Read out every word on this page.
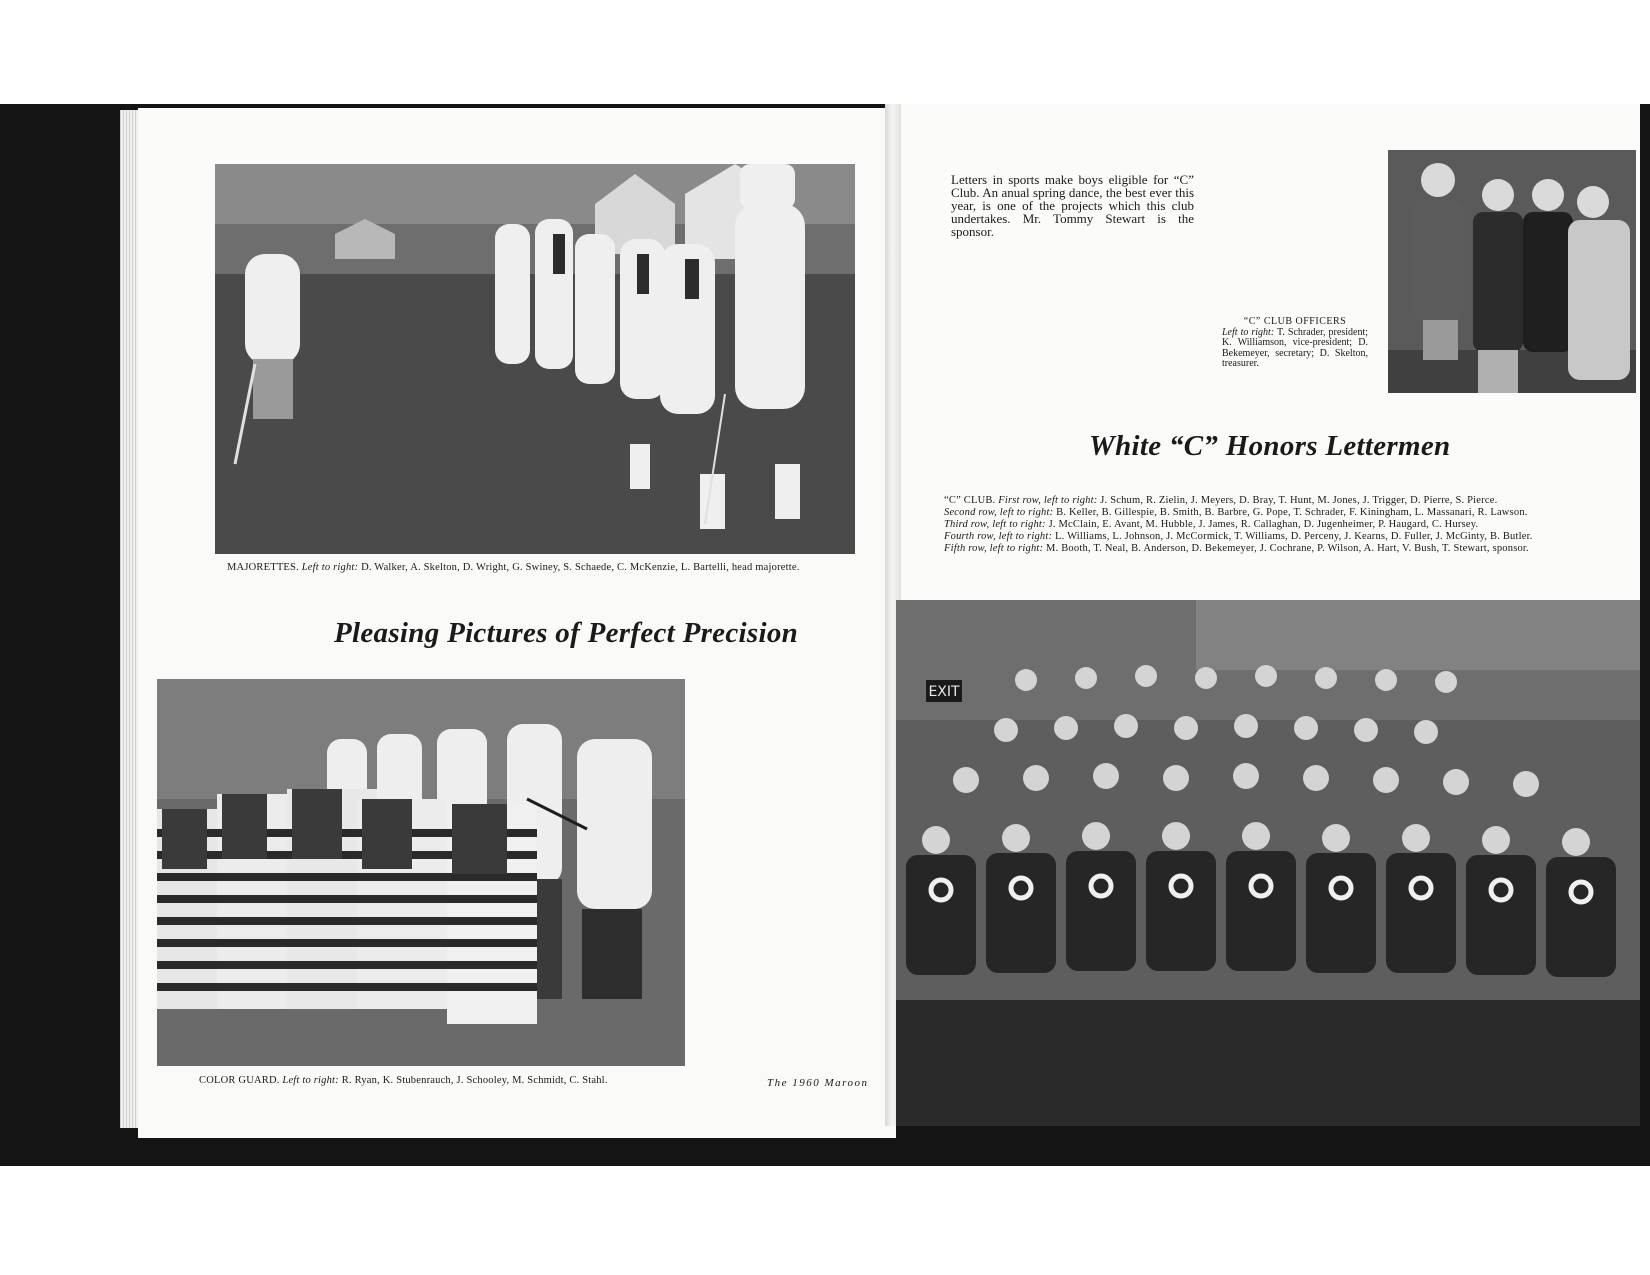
MAJORETTES. Left to right: D. Walker, A. Skelton, D. Wright, G. Swiney, S. Schaede, C. McKenzie, L. Bartelli, head majorette.
Pleasing Pictures of Perfect Precision
COLOR GUARD. Left to right: R. Ryan, K. Stubenrauch, J. Schooley, M. Schmidt, C. Stahl.	The 1960 Maroon
Letters in sports make boys eligible for “C” Club. An anual spring dance, the best ever this year, is one of the projects which this club undertakes. Mr. Tommy Stewart is the sponsor.
“C” CLUB OFFICERS
Left to right: T. Schrader, president; K. Williamson, vice-president; D. Bekemeyer, secretary; D. Skelton, treasurer.
White “C” Honors Lettermen
“C” CLUB. First row, left to right: J. Schum, R. Zielin, J. Meyers, D. Bray, T. Hunt, M. Jones, J. Trigger, D. Pierre, S. Pierce.
Second row, left to right: B. Keller, B. Gillespie, B. Smith, B. Barbre, G. Pope, T. Schrader, F. Kiningham, L. Massanari, R. Lawson.
Third row, left to right: J. McClain, E. Avant, M. Hubble, J. James, R. Callaghan, D. Jugenheimer, P. Haugard, C. Hursey.
Fourth row, left to right: L. Williams, L. Johnson, J. McCormick, T. Williams, D. Perceny, J. Kearns, D. Fuller, J. McGinty, B. Butler.
Fifth row, left to right: M. Booth, T. Neal, B. Anderson, D. Bekemeyer, J. Cochrane, P. Wilson, A. Hart, V. Bush, T. Stewart, sponsor.
EXIT
